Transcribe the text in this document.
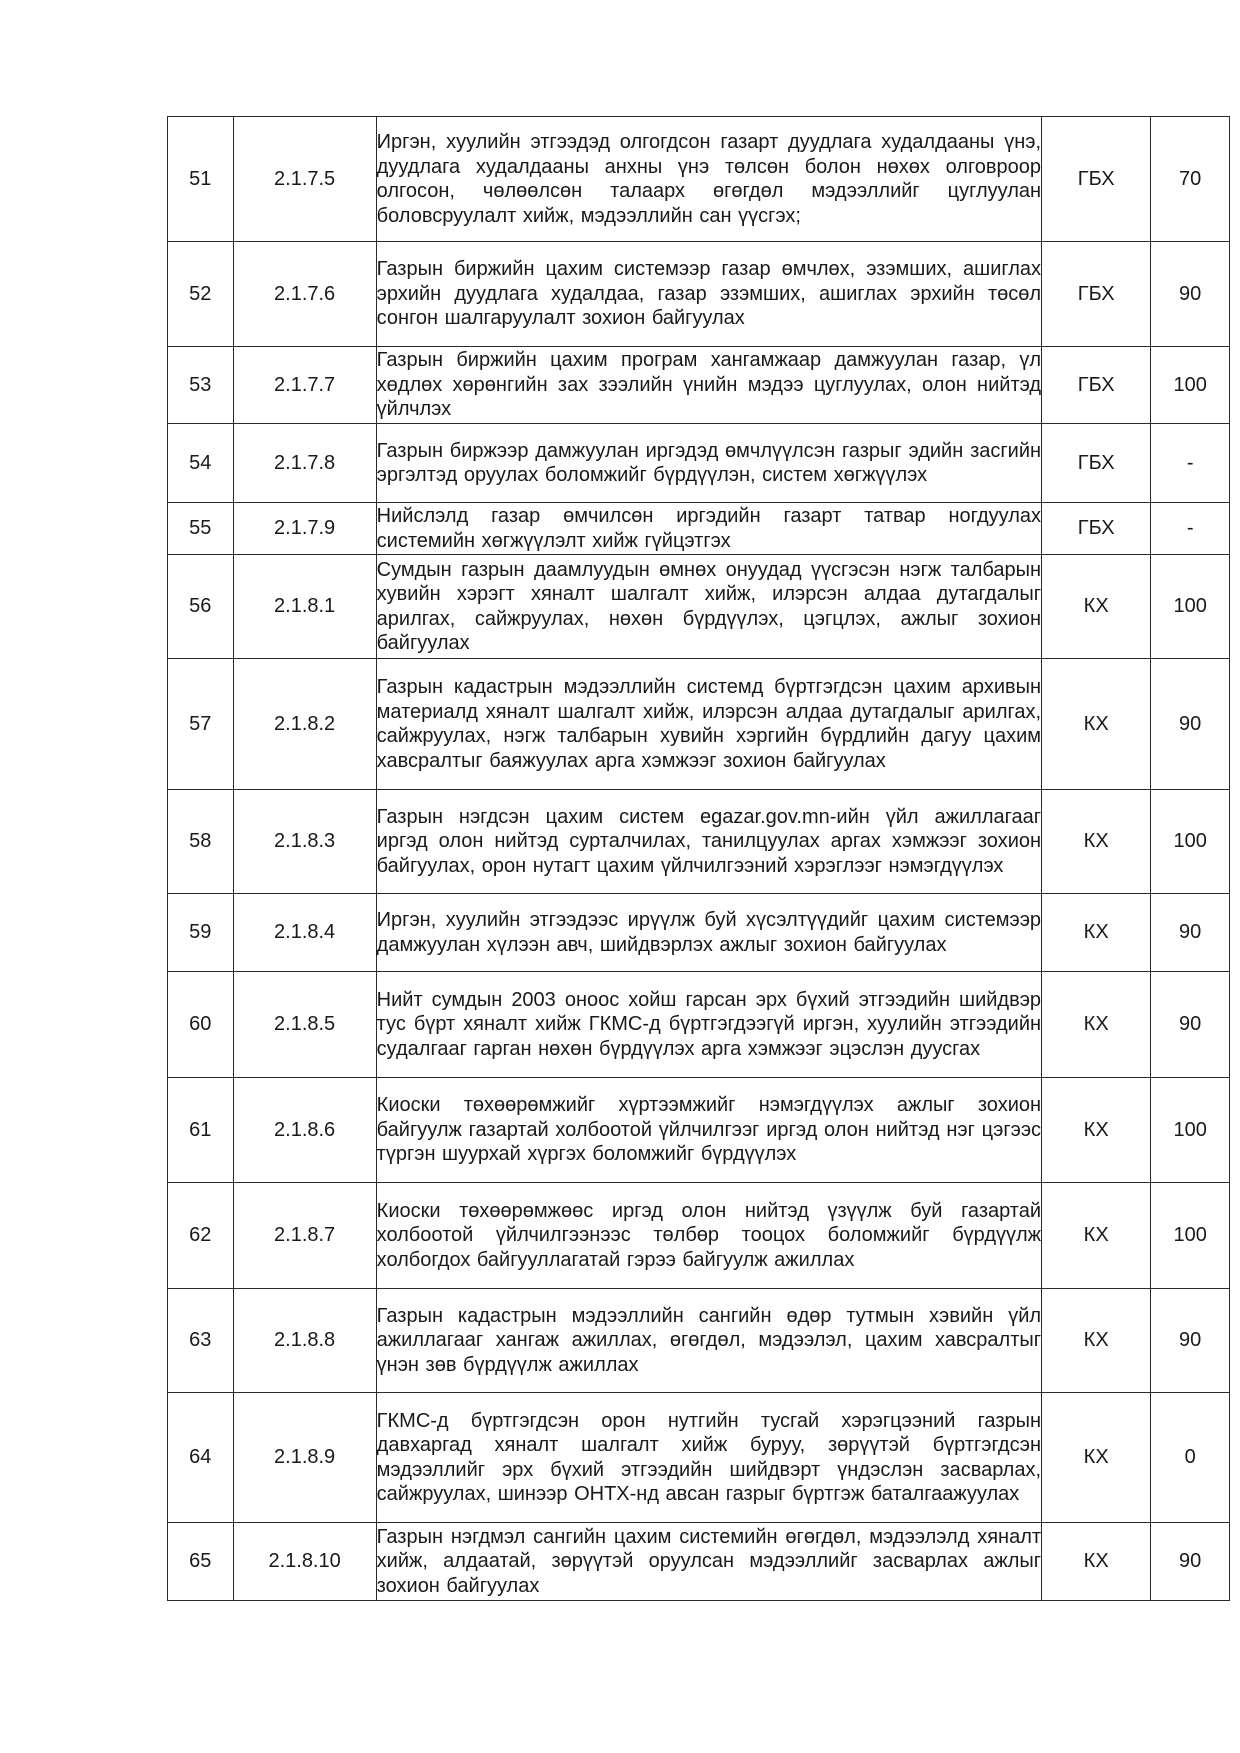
51	2.1.7.5	Иргэн, хуулийн этгээдэд олгогдсон газарт дуудлага худалдааны үнэ, дуудлага худалдааны анхны үнэ төлсөн болон нөхөх олговроор олгосон, чөлөөлсөн талаарх өгөгдөл мэдээллийг цуглуулан боловсруулалт хийж, мэдээллийн сан үүсгэх;	ГБХ	70
52	2.1.7.6	Газрын биржийн цахим системээр газар өмчлөх, эзэмших, ашиглах эрхийн дуудлага худалдаа, газар эзэмших, ашиглах эрхийн төсөл сонгон шалгаруулалт зохион байгуулах	ГБХ	90
53	2.1.7.7	Газрын биржийн цахим програм хангамжаар дамжуулан газар, үл хөдлөх хөрөнгийн зах зээлийн үнийн мэдээ цуглуулах, олон нийтэд үйлчлэх	ГБХ	100
54	2.1.7.8	Газрын биржээр дамжуулан иргэдэд өмчлүүлсэн газрыг эдийн засгийн эргэлтэд оруулах боломжийг бүрдүүлэн, систем хөгжүүлэх	ГБХ	-
55	2.1.7.9	Нийслэлд газар өмчилсөн иргэдийн газарт татвар ногдуулах системийн хөгжүүлэлт хийж гүйцэтгэх	ГБХ	-
56	2.1.8.1	Сумдын газрын даамлуудын өмнөх онуудад үүсгэсэн нэгж талбарын хувийн хэрэгт хяналт шалгалт хийж, илэрсэн алдаа дутагдалыг арилгах, сайжруулах, нөхөн бүрдүүлэх, цэгцлэх, ажлыг зохион байгуулах	КХ	100
57	2.1.8.2	Газрын кадастрын мэдээллийн системд бүртгэгдсэн цахим архивын материалд хяналт шалгалт хийж, илэрсэн алдаа дутагдалыг арилгах, сайжруулах, нэгж талбарын хувийн хэргийн бүрдлийн дагуу цахим хавсралтыг баяжуулах арга хэмжээг зохион байгуулах	КХ	90
58	2.1.8.3	Газрын нэгдсэн цахим систем egazar.gov.mn-ийн үйл ажиллагааг иргэд олон нийтэд сурталчилах, танилцуулах аргах хэмжээг зохион байгуулах, орон нутагт цахим үйлчилгээний хэрэглээг нэмэгдүүлэх	КХ	100
59	2.1.8.4	Иргэн, хуулийн этгээдээс ирүүлж буй хүсэлтүүдийг цахим системээр дамжуулан хүлээн авч, шийдвэрлэх ажлыг зохион байгуулах	КХ	90
60	2.1.8.5	Нийт сумдын 2003 оноос хойш гарсан эрх бүхий этгээдийн шийдвэр тус бүрт хяналт хийж ГКМС-д бүртгэгдээгүй иргэн, хуулийн этгээдийн судалгааг гарган нөхөн бүрдүүлэх арга хэмжээг эцэслэн дуусгах	КХ	90
61	2.1.8.6	Киоски төхөөрөмжийг хүртээмжийг нэмэгдүүлэх ажлыг зохион байгуулж газартай холбоотой үйлчилгээг иргэд олон нийтэд нэг цэгээс түргэн шуурхай хүргэх боломжийг бүрдүүлэх	КХ	100
62	2.1.8.7	Киоски төхөөрөмжөөс иргэд олон нийтэд үзүүлж буй газартай холбоотой үйлчилгээнээс төлбөр тооцох боломжийг бүрдүүлж холбогдох байгууллагатай гэрээ байгуулж ажиллах	КХ	100
63	2.1.8.8	Газрын кадастрын мэдээллийн сангийн өдөр тутмын хэвийн үйл ажиллагааг хангаж ажиллах, өгөгдөл, мэдээлэл, цахим хавсралтыг үнэн зөв бүрдүүлж ажиллах	КХ	90
64	2.1.8.9	ГКМС-д бүртгэгдсэн орон нутгийн тусгай хэрэгцээний газрын давхаргад хяналт шалгалт хийж буруу, зөрүүтэй бүртгэгдсэн мэдээллийг эрх бүхий этгээдийн шийдвэрт үндэслэн засварлах, сайжруулах, шинээр ОНТХ-нд авсан газрыг бүртгэж баталгаажуулах	КХ	0
65	2.1.8.10	Газрын нэгдмэл сангийн цахим системийн өгөгдөл, мэдээлэлд хяналт хийж, алдаатай, зөрүүтэй оруулсан мэдээллийг засварлах ажлыг зохион байгуулах	КХ	90
